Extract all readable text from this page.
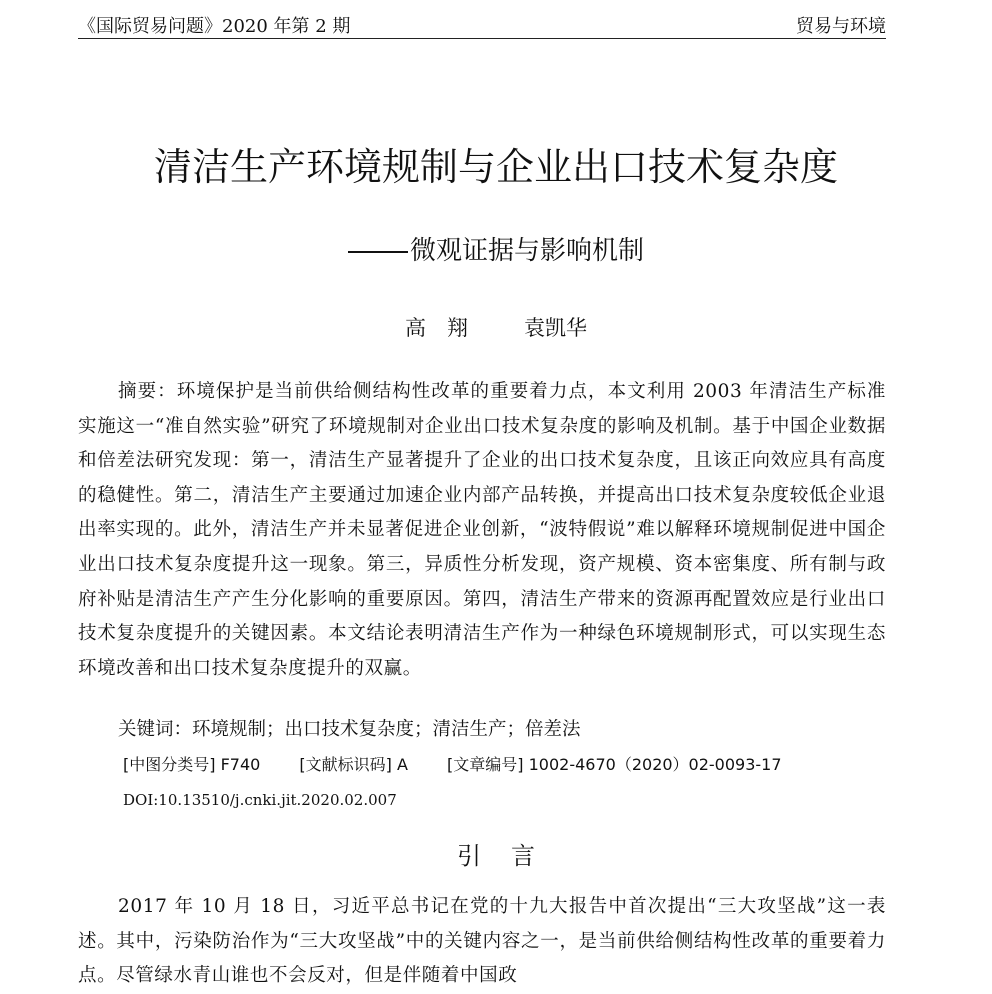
《国际贸易问题》2020 年第 2 期	贸易与环境
清洁生产环境规制与企业出口技术复杂度
微观证据与影响机制
高　翔	袁凯华
摘要：环境保护是当前供给侧结构性改革的重要着力点，本文利用 2003 年清洁生产标准实施这一“准自然实验”研究了环境规制对企业出口技术复杂度的影响及机制。基于中国企业数据和倍差法研究发现：第一，清洁生产显著提升了企业的出口技术复杂度，且该正向效应具有高度的稳健性。第二，清洁生产主要通过加速企业内部产品转换，并提高出口技术复杂度较低企业退出率实现的。此外，清洁生产并未显著促进企业创新，“波特假说”难以解释环境规制促进中国企业出口技术复杂度提升这一现象。第三，异质性分析发现，资产规模、资本密集度、所有制与政府补贴是清洁生产产生分化影响的重要原因。第四，清洁生产带来的资源再配置效应是行业出口技术复杂度提升的关键因素。本文结论表明清洁生产作为一种绿色环境规制形式，可以实现生态环境改善和出口技术复杂度提升的双赢。
关键词：环境规制；出口技术复杂度；清洁生产；倍差法
[中图分类号] F740 [文献标识码] A [文章编号] 1002-4670（2020）02-0093-17
DOI:10.13510/j.cnki.jit.2020.02.007
引言
2017 年 10 月 18 日，习近平总书记在党的十九大报告中首次提出“三大攻坚战”这一表述。其中，污染防治作为“三大攻坚战”中的关键内容之一，是当前供给侧结构性改革的重要着力点。尽管绿水青山谁也不会反对，但是伴随着中国政
